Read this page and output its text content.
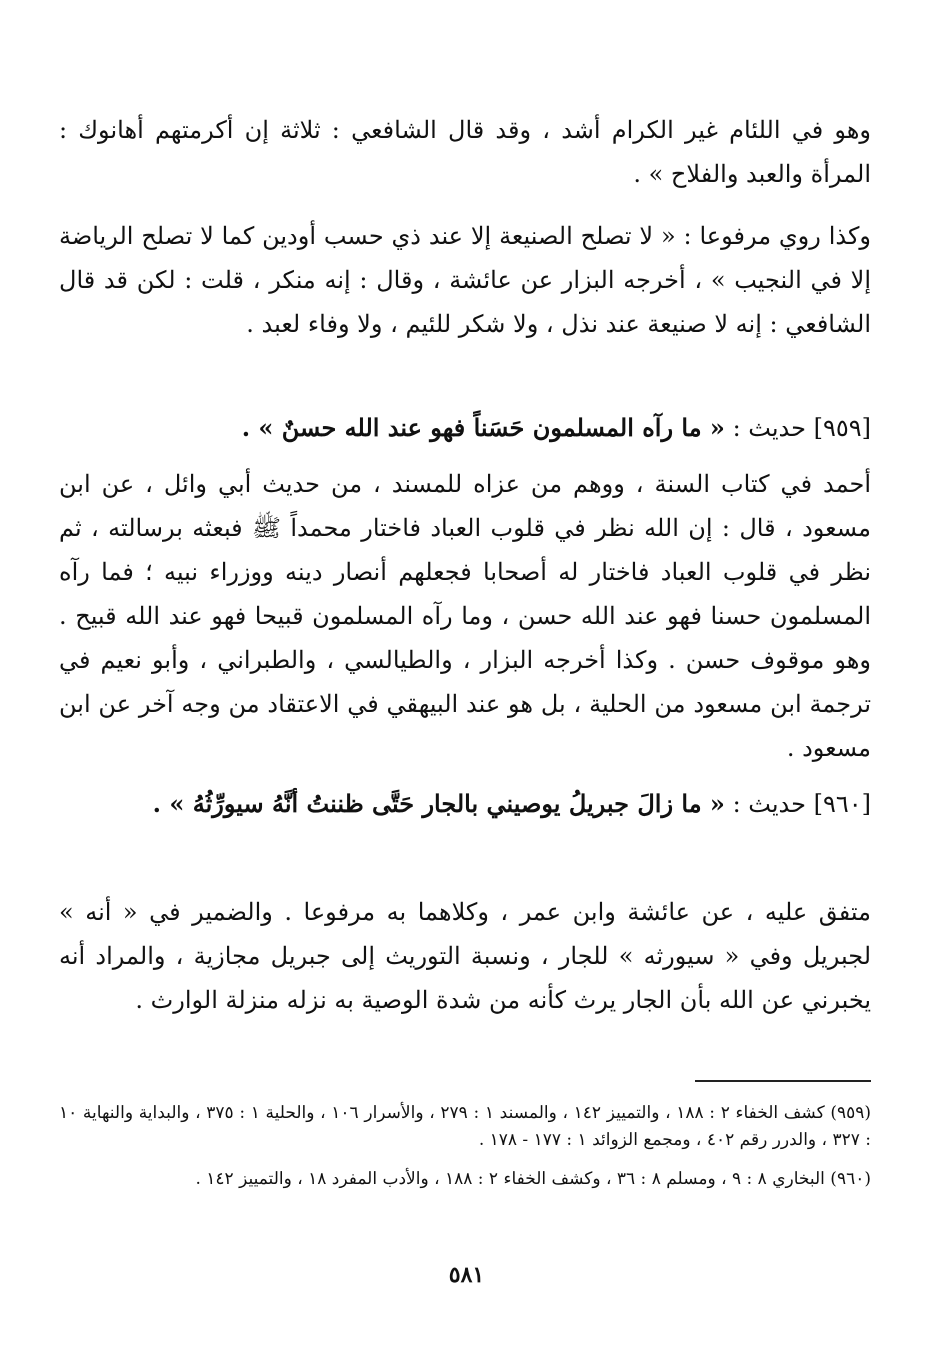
وهو في اللئام غير الكرام أشد ، وقد قال الشافعي : ثلاثة إن أكرمتهم أهانوك : المرأة والعبد والفلاح » .

وكذا روي مرفوعا : « لا تصلح الصنيعة إلا عند ذي حسب أودين كما لا تصلح الرياضة إلا في النجيب » ، أخرجه البزار عن عائشة ، وقال : إنه منكر ، قلت : لكن قد قال الشافعي : إنه لا صنيعة عند نذل ، ولا شكر للئيم ، ولا وفاء لعبد .

[٩٥٩] حديث : « ما رآه المسلمون حَسَناً فهو عند الله حسنٌ » .

أحمد في كتاب السنة ، ووهم من عزاه للمسند ، من حديث أبي وائل ، عن ابن مسعود ، قال : إن الله نظر في قلوب العباد فاختار محمداً ﷺ فبعثه برسالته ، ثم نظر في قلوب العباد فاختار له أصحابا فجعلهم أنصار دينه ووزراء نبيه ؛ فما رآه المسلمون حسنا فهو عند الله حسن ، وما رآه المسلمون قبيحا فهو عند الله قبيح . وهو موقوف حسن . وكذا أخرجه البزار ، والطيالسي ، والطبراني ، وأبو نعيم في ترجمة ابن مسعود من الحلية ، بل هو عند البيهقي في الاعتقاد من وجه آخر عن ابن مسعود .

[٩٦٠] حديث : « ما زالَ جبريلُ يوصيني بالجار حَتَّى ظننتُ أنَّهُ سيورِّثُهُ » .

متفق عليه ، عن عائشة وابن عمر ، وكلاهما به مرفوعا . والضمير في « أنه » لجبريل وفي « سيورثه » للجار ، ونسبة التوريث إلى جبريل مجازية ، والمراد أنه يخبرني عن الله بأن الجار يرث كأنه من شدة الوصية به نزله منزلة الوارث .

(٩٥٩) كشف الخفاء ٢ : ١٨٨ ، والتمييز ١٤٢ ، والمسند ١ : ٢٧٩ ، والأسرار ١٠٦ ، والحلية ١ : ٣٧٥ ، والبداية والنهاية ١٠ : ٣٢٧ ، والدرر رقم ٤٠٢ ، ومجمع الزوائد ١ : ١٧٧ - ١٧٨ .

(٩٦٠) البخاري ٨ : ٩ ، ومسلم ٨ : ٣٦ ، وكشف الخفاء ٢ : ١٨٨ ، والأدب المفرد ١٨ ، والتمييز ١٤٢ .

٥٨١
